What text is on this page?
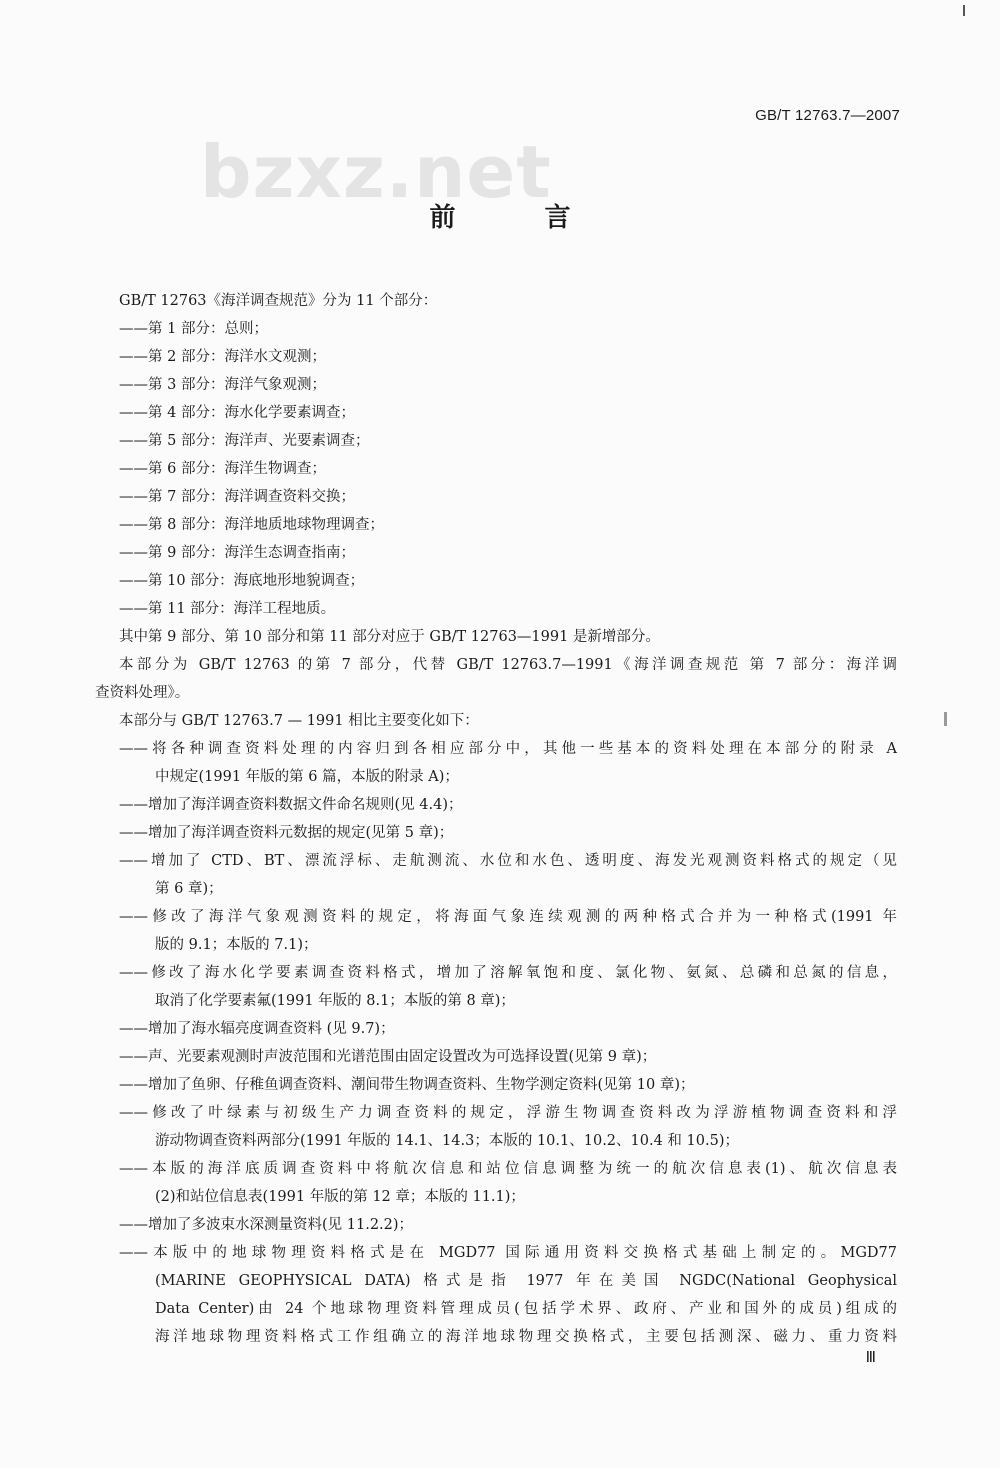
GB/T 12763.7—2007
bzxz.net
前 言
GB/T 12763《海洋调查规范》分为 11 个部分：
——第 1 部分：总则；
——第 2 部分：海洋水文观测；
——第 3 部分：海洋气象观测；
——第 4 部分：海水化学要素调查；
——第 5 部分：海洋声、光要素调查；
——第 6 部分：海洋生物调查；
——第 7 部分：海洋调查资料交换；
——第 8 部分：海洋地质地球物理调查；
——第 9 部分：海洋生态调查指南；
——第 10 部分：海底地形地貌调查；
——第 11 部分：海洋工程地质。
其中第 9 部分、第 10 部分和第 11 部分对应于 GB/T 12763—1991 是新增部分。
本部分为 GB/T 12763 的第 7 部分，代替 GB/T 12763.7—1991《海洋调查规范 第 7 部分：海洋调
查资料处理》。
本部分与 GB/T 12763.7 — 1991 相比主要变化如下：
——将各种调查资料处理的内容归到各相应部分中，其他一些基本的资料处理在本部分的附录 A
中规定(1991 年版的第 6 篇，本版的附录 A)；
——增加了海洋调查资料数据文件命名规则(见 4.4)；
——增加了海洋调查资料元数据的规定(见第 5 章)；
——增加了 CTD、BT、漂流浮标、走航测流、水位和水色、透明度、海发光观测资料格式的规定（见
第 6 章)；
——修改了海洋气象观测资料的规定，将海面气象连续观测的两种格式合并为一种格式(1991 年
版的 9.1；本版的 7.1)；
——修改了海水化学要素调查资料格式，增加了溶解氧饱和度、氯化物、氨氮、总磷和总氮的信息，
取消了化学要素氟(1991 年版的 8.1；本版的第 8 章)；
——增加了海水辐亮度调查资料 (见 9.7)；
——声、光要素观测时声波范围和光谱范围由固定设置改为可选择设置(见第 9 章)；
——增加了鱼卵、仔稚鱼调查资料、潮间带生物调查资料、生物学测定资料(见第 10 章)；
——修改了叶绿素与初级生产力调查资料的规定，浮游生物调查资料改为浮游植物调查资料和浮
游动物调查资料两部分(1991 年版的 14.1、14.3；本版的 10.1、10.2、10.4 和 10.5)；
——本版的海洋底质调查资料中将航次信息和站位信息调整为统一的航次信息表(1)、航次信息表
(2)和站位信息表(1991 年版的第 12 章；本版的 11.1)；
——增加了多波束水深测量资料(见 11.2.2)；
——本版中的地球物理资料格式是在 MGD77 国际通用资料交换格式基础上制定的。MGD77
(MARINE GEOPHYSICAL DATA) 格式是指 1977 年在美国 NGDC(National Geophysical
Data Center)由 24 个地球物理资料管理成员(包括学术界、政府、产业和国外的成员)组成的
海洋地球物理资料格式工作组确立的海洋地球物理交换格式，主要包括测深、磁力、重力资料
Ⅲ
